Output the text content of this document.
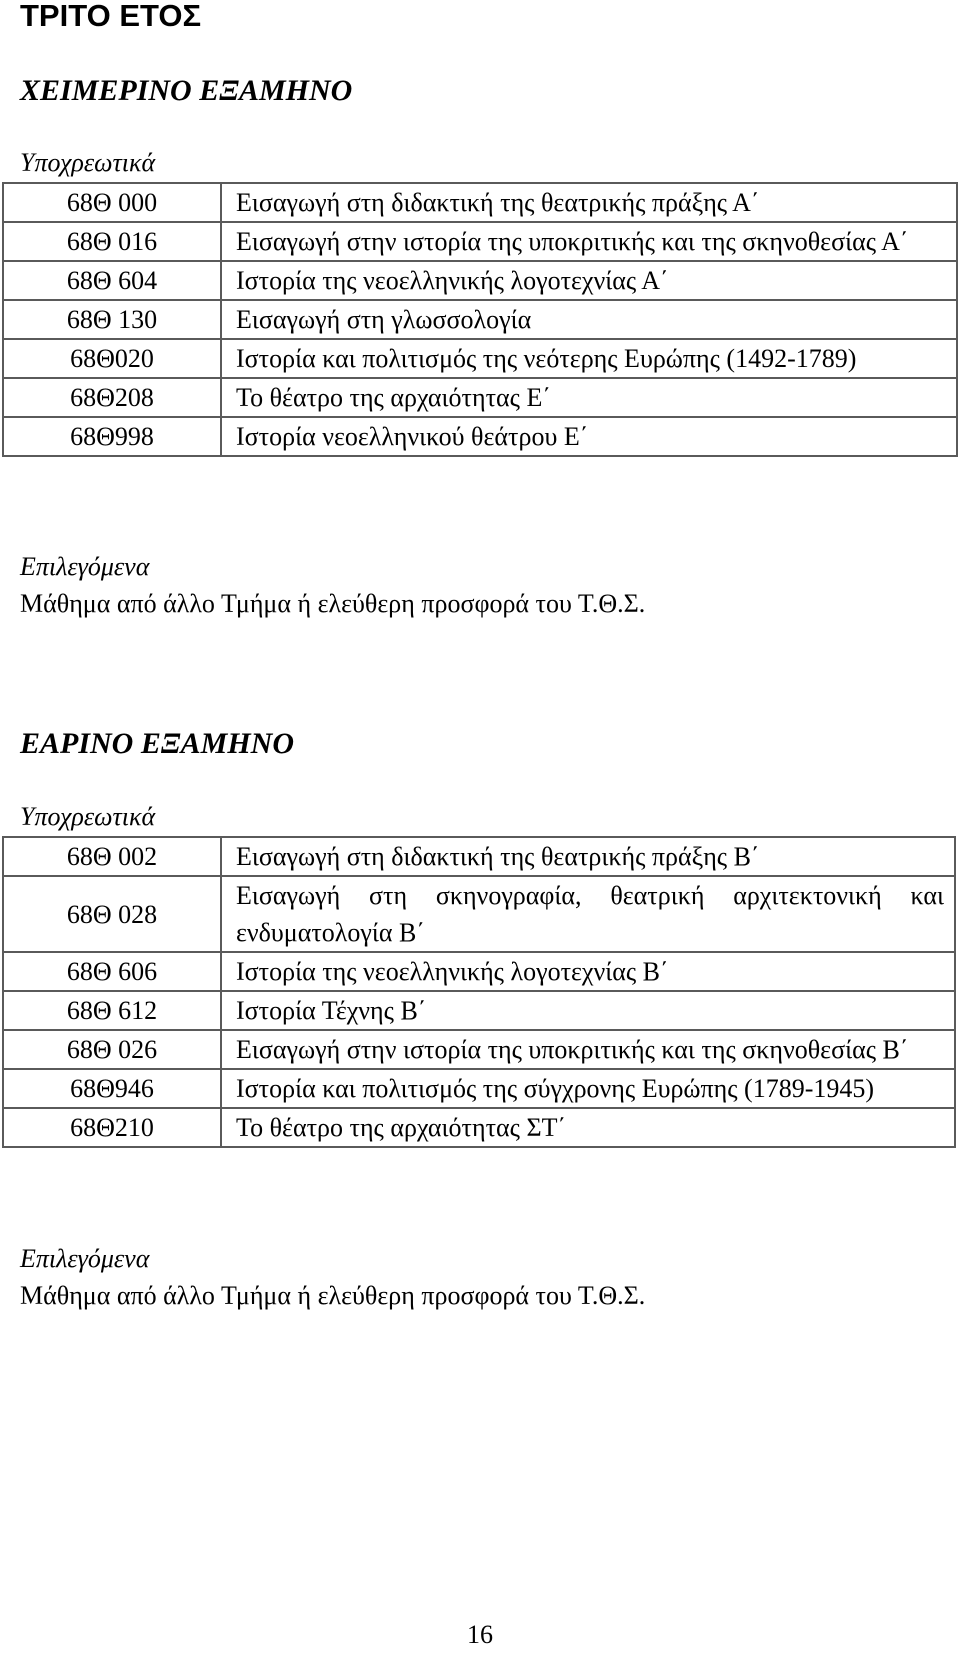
ΤΡΙΤΟ ΕΤΟΣ
ΧΕΙΜΕΡΙΝΟ ΕΞΑΜΗΝΟ

Υποχρεωτικά

68Θ 000	Εισαγωγή στη διδακτική της θεατρικής πράξης Α΄
68Θ 016	Εισαγωγή στην ιστορία της υποκριτικής και της σκηνοθεσίας Α΄
68Θ 604	Ιστορία της νεοελληνικής λογοτεχνίας Α΄
68Θ 130	Εισαγωγή στη γλωσσολογία
68Θ020	Ιστορία και πολιτισμός της νεότερης Ευρώπης (1492-1789)
68Θ208	Το θέατρο της αρχαιότητας Ε΄
68Θ998	Ιστορία νεοελληνικού θεάτρου Ε΄

Επιλεγόμενα

Μάθημα από άλλο Τμήμα ή ελεύθερη προσφορά του Τ.Θ.Σ.

ΕΑΡΙΝΟ ΕΞΑΜΗΝΟ

Υποχρεωτικά

68Θ 002	Εισαγωγή στη διδακτική της θεατρικής πράξης Β΄
68Θ 028	Εισαγωγή στη σκηνογραφία, θεατρική αρχιτεκτονική και ενδυματολογία Β΄
68Θ 606	Ιστορία της νεοελληνικής λογοτεχνίας Β΄
68Θ 612	Ιστορία Τέχνης Β΄
68Θ 026	Εισαγωγή στην ιστορία της υποκριτικής και της σκηνοθεσίας Β΄
68Θ946	Ιστορία και πολιτισμός της σύγχρονης Ευρώπης (1789-1945)
68Θ210	Το θέατρο της αρχαιότητας ΣΤ΄

Επιλεγόμενα

Μάθημα από άλλο Τμήμα ή ελεύθερη προσφορά του Τ.Θ.Σ.

16
